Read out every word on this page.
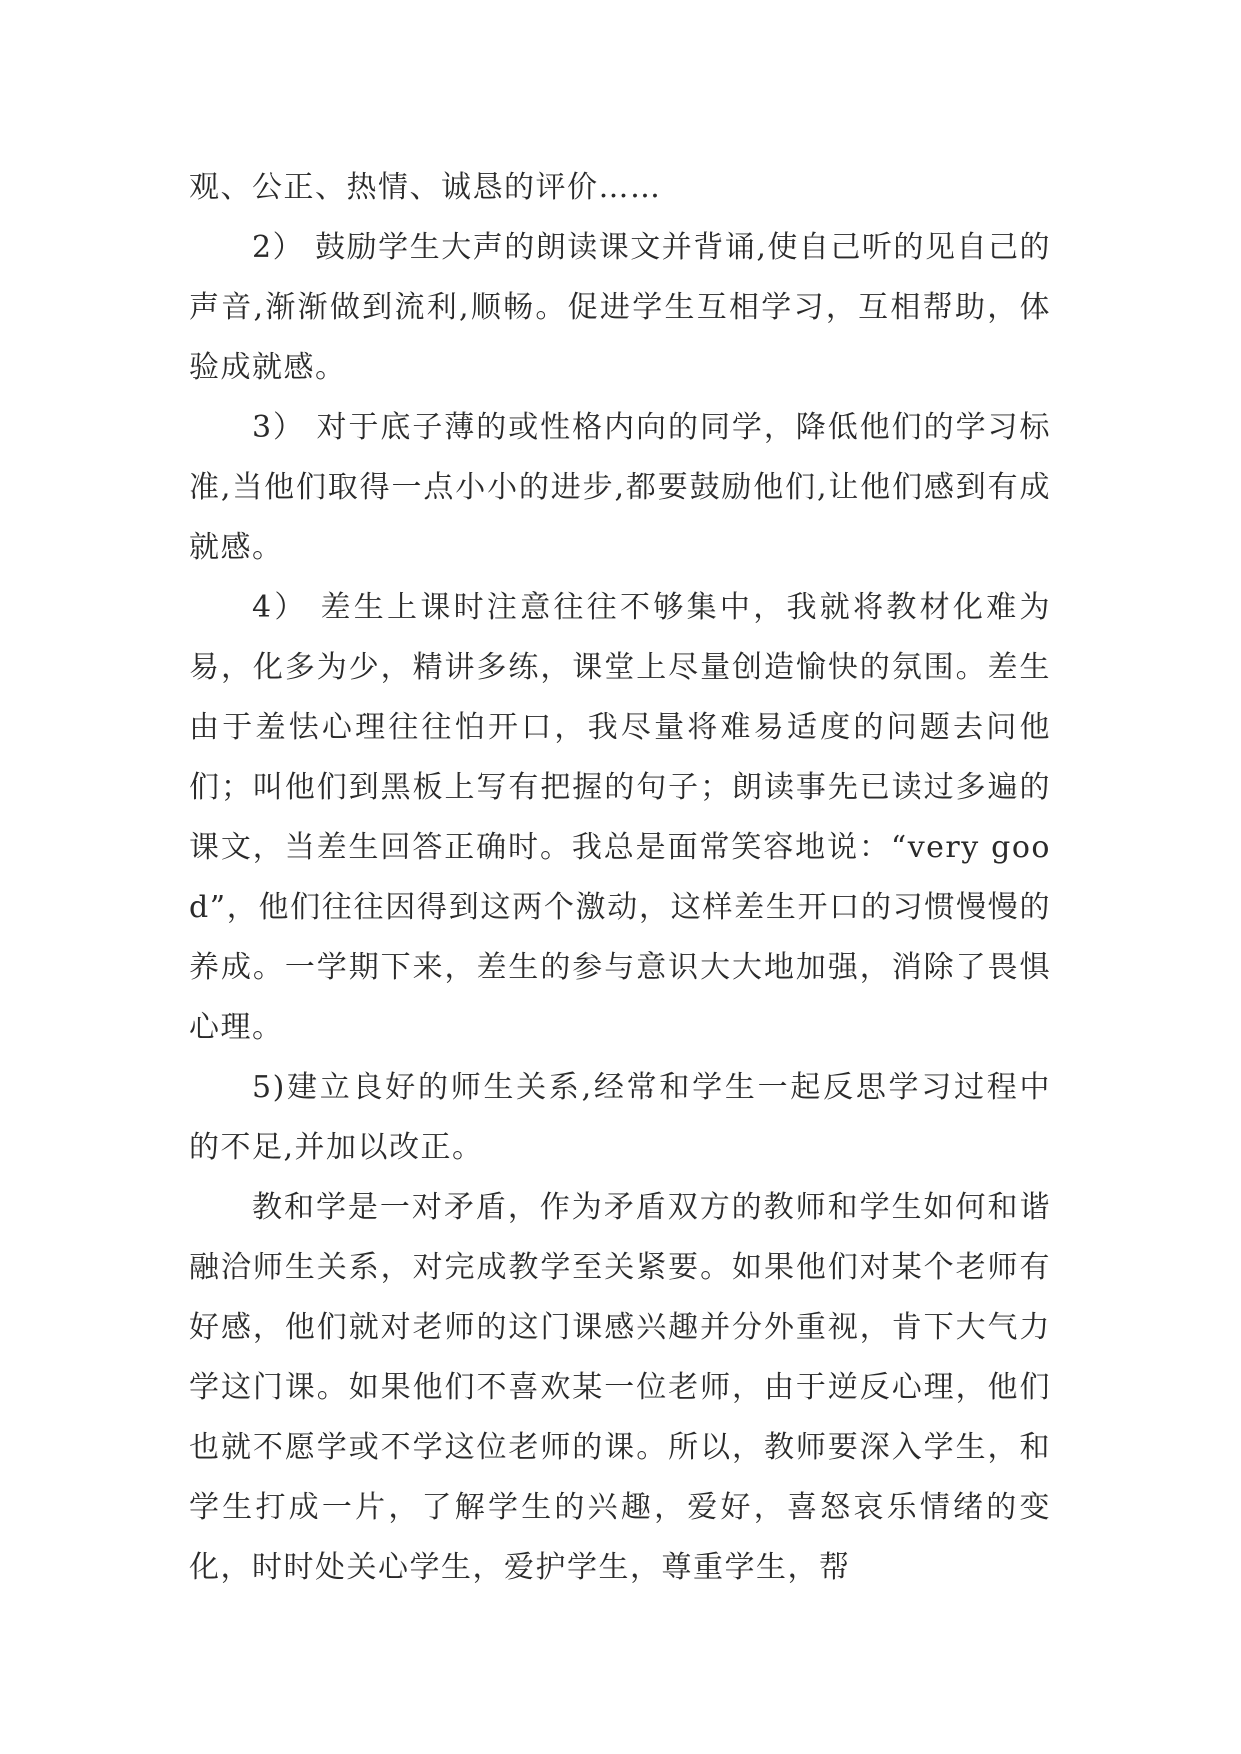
观、公正、热情、诚恳的评价……

2） 鼓励学生大声的朗读课文并背诵,使自己听的见自己的声音,渐渐做到流利,顺畅。促进学生互相学习，互相帮助，体验成就感。

3） 对于底子薄的或性格内向的同学，降低他们的学习标准,当他们取得一点小小的进步,都要鼓励他们,让他们感到有成就感。

4） 差生上课时注意往往不够集中，我就将教材化难为易，化多为少，精讲多练，课堂上尽量创造愉快的氛围。差生由于羞怯心理往往怕开口，我尽量将难易适度的问题去问他们；叫他们到黑板上写有把握的句子；朗读事先已读过多遍的课文，当差生回答正确时。我总是面常笑容地说：“very good”，他们往往因得到这两个激动，这样差生开口的习惯慢慢的养成。一学期下来，差生的参与意识大大地加强，消除了畏惧心理。

5)建立良好的师生关系,经常和学生一起反思学习过程中的不足,并加以改正。

教和学是一对矛盾，作为矛盾双方的教师和学生如何和谐融洽师生关系，对完成教学至关紧要。如果他们对某个老师有好感，他们就对老师的这门课感兴趣并分外重视，肯下大气力学这门课。如果他们不喜欢某一位老师，由于逆反心理，他们也就不愿学或不学这位老师的课。所以，教师要深入学生，和学生打成一片，了解学生的兴趣，爱好，喜怒哀乐情绪的变化，时时处关心学生，爱护学生，尊重学生，帮
